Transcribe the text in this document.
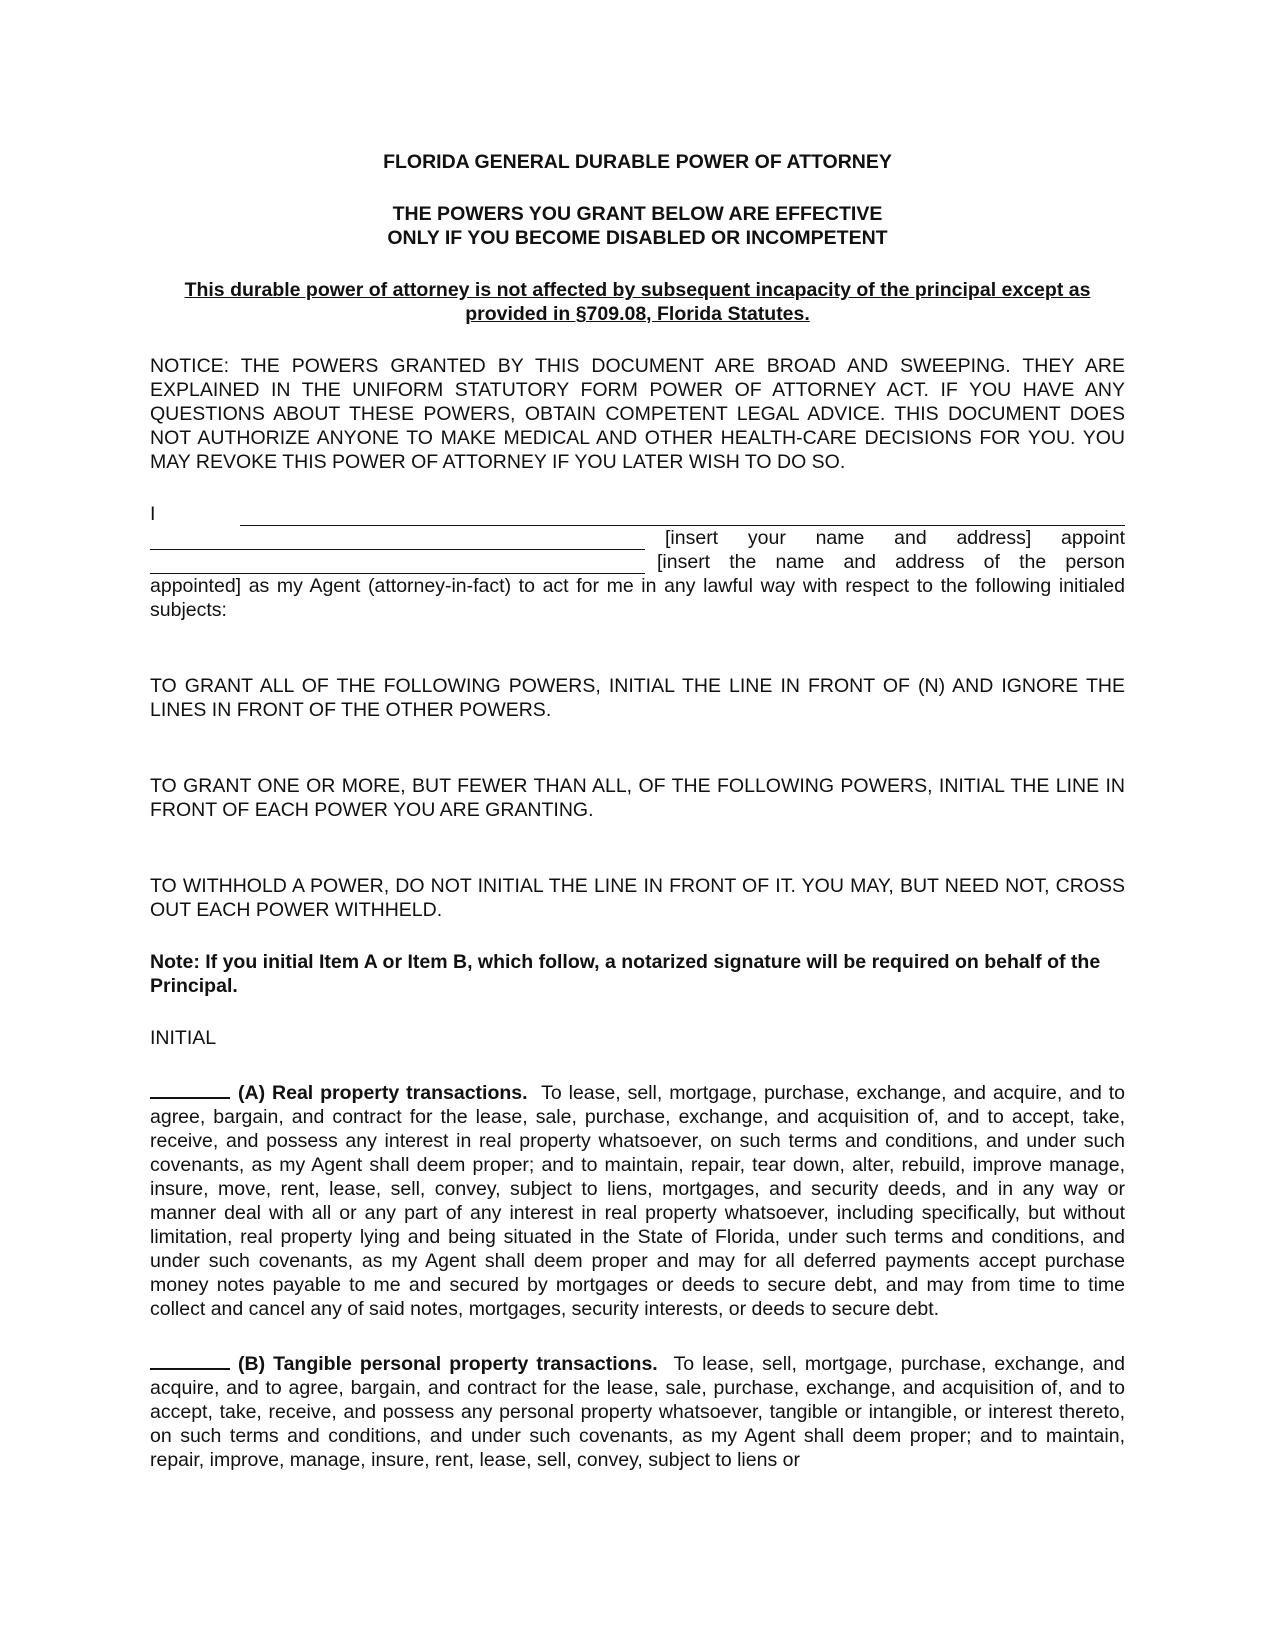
FLORIDA GENERAL DURABLE POWER OF ATTORNEY

THE POWERS YOU GRANT BELOW ARE EFFECTIVE
ONLY IF YOU BECOME DISABLED OR INCOMPETENT

This durable power of attorney is not affected by subsequent incapacity of the principal except as provided in §709.08, Florida Statutes.

NOTICE: THE POWERS GRANTED BY THIS DOCUMENT ARE BROAD AND SWEEPING. THEY ARE EXPLAINED IN THE UNIFORM STATUTORY FORM POWER OF ATTORNEY ACT. IF YOU HAVE ANY QUESTIONS ABOUT THESE POWERS, OBTAIN COMPETENT LEGAL ADVICE. THIS DOCUMENT DOES NOT AUTHORIZE ANYONE TO MAKE MEDICAL AND OTHER HEALTH-CARE DECISIONS FOR YOU. YOU MAY REVOKE THIS POWER OF ATTORNEY IF YOU LATER WISH TO DO SO.

I
[insert your name and address] appoint
[insert the name and address of the person

appointed] as my Agent (attorney-in-fact) to act for me in any lawful way with respect to the following initialed subjects:

TO GRANT ALL OF THE FOLLOWING POWERS, INITIAL THE LINE IN FRONT OF (N) AND IGNORE THE LINES IN FRONT OF THE OTHER POWERS.

TO GRANT ONE OR MORE, BUT FEWER THAN ALL, OF THE FOLLOWING POWERS, INITIAL THE LINE IN FRONT OF EACH POWER YOU ARE GRANTING.

TO WITHHOLD A POWER, DO NOT INITIAL THE LINE IN FRONT OF IT. YOU MAY, BUT NEED NOT, CROSS OUT EACH POWER WITHHELD.

Note: If you initial Item A or Item B, which follow, a notarized signature will be required on behalf of the Principal.

INITIAL

(A) Real property transactions. To lease, sell, mortgage, purchase, exchange, and acquire, and to agree, bargain, and contract for the lease, sale, purchase, exchange, and acquisition of, and to accept, take, receive, and possess any interest in real property whatsoever, on such terms and conditions, and under such covenants, as my Agent shall deem proper; and to maintain, repair, tear down, alter, rebuild, improve manage, insure, move, rent, lease, sell, convey, subject to liens, mortgages, and security deeds, and in any way or manner deal with all or any part of any interest in real property whatsoever, including specifically, but without limitation, real property lying and being situated in the State of Florida, under such terms and conditions, and under such covenants, as my Agent shall deem proper and may for all deferred payments accept purchase money notes payable to me and secured by mortgages or deeds to secure debt, and may from time to time collect and cancel any of said notes, mortgages, security interests, or deeds to secure debt.

(B) Tangible personal property transactions. To lease, sell, mortgage, purchase, exchange, and acquire, and to agree, bargain, and contract for the lease, sale, purchase, exchange, and acquisition of, and to accept, take, receive, and possess any personal property whatsoever, tangible or intangible, or interest thereto, on such terms and conditions, and under such covenants, as my Agent shall deem proper; and to maintain, repair, improve, manage, insure, rent, lease, sell, convey, subject to liens or
